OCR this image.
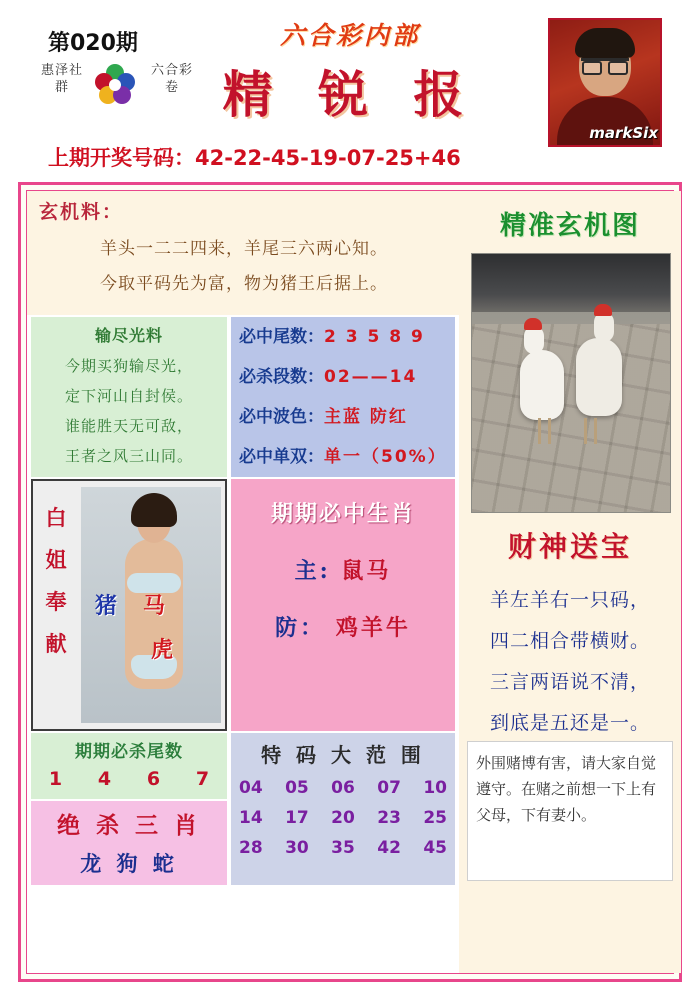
第020期
惠泽社群
六合彩卷
六合彩内部
精 锐 报
markSix
上期开奖号码：42-22-45-19-07-25+46
玄机料：
羊头一二二四来，羊尾三六两心知。
今取平码先为富，物为猪王后据上。
输尽光料
今期买狗输尽光，
定下河山自封侯。
谁能胜天无可敌，
王者之风三山同。
必中尾数：2 3 5 8 9
必杀段数：02——14
必中波色：主蓝 防红
必中单双：单一（50%）
白姐奉献
猪 马
虎
期期必中生肖
主: 鼠马
防： 鸡羊牛
期期必杀尾数
1 4 6 7
绝 杀 三 肖
龙 狗 蛇
特 码 大 范 围
04 05 06 07 10
14 17 20 23 25
28 30 35 42 45
精准玄机图
财神送宝
羊左羊右一只码，
四二相合带横财。
三言两语说不清，
到底是五还是一。
外围赌博有害，请大家自觉遵守。在赌之前想一下上有父母，下有妻小。
